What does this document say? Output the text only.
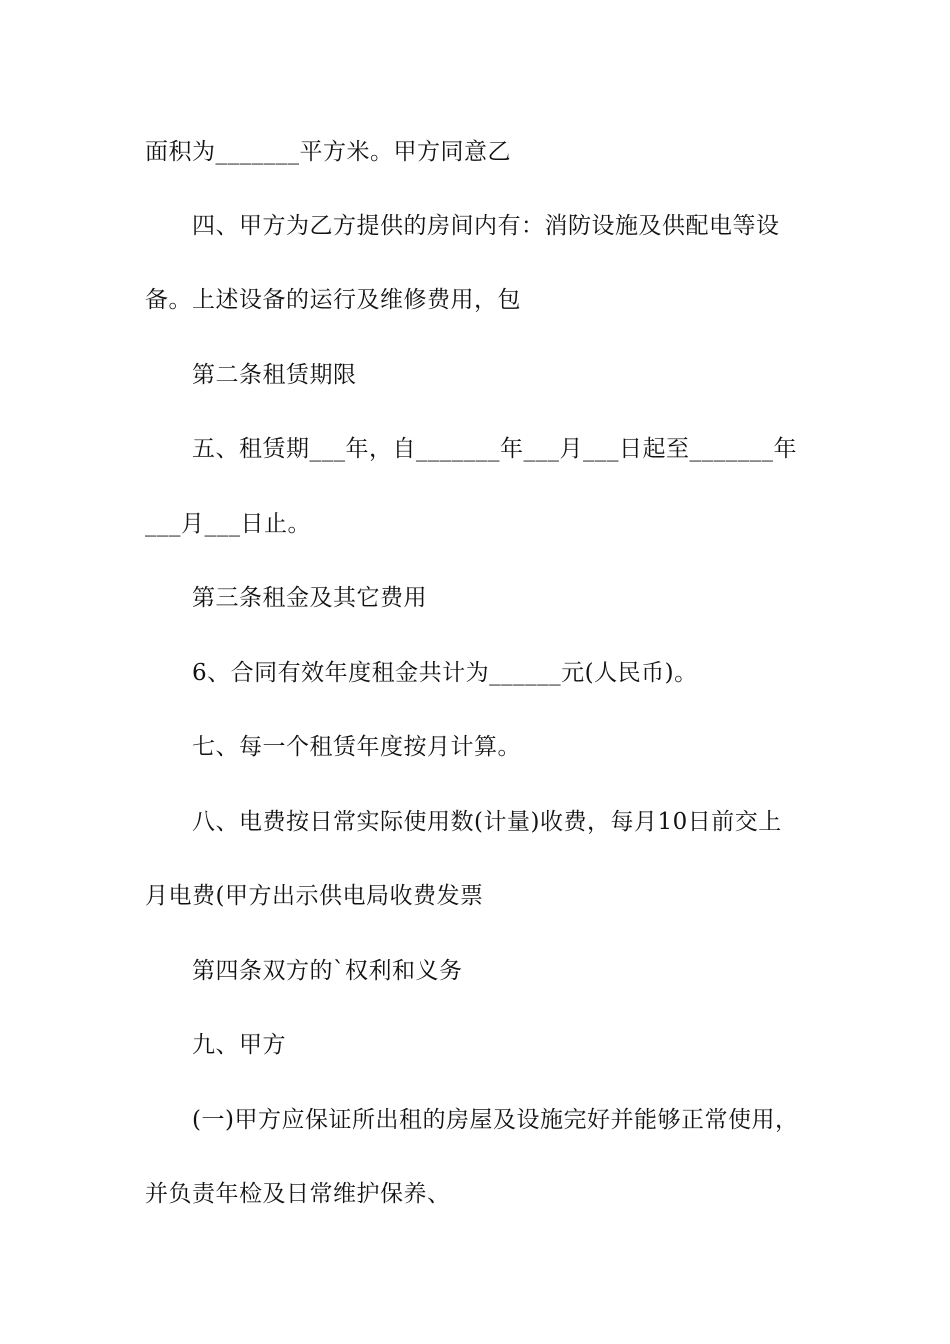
面积为_______平方米。甲方同意乙
四、甲方为乙方提供的房间内有：消防设施及供配电等设
备。上述设备的运行及维修费用，包
第二条租赁期限
五、租赁期___年，自_______年___月___日起至_______年
___月___日止。
第三条租金及其它费用
6、合同有效年度租金共计为______元(人民币)。
七、每一个租赁年度按月计算。
八、电费按日常实际使用数(计量)收费，每月10日前交上
月电费(甲方出示供电局收费发票
第四条双方的`权利和义务
九、甲方
(一)甲方应保证所出租的房屋及设施完好并能够正常使用，
并负责年检及日常维护保养、
